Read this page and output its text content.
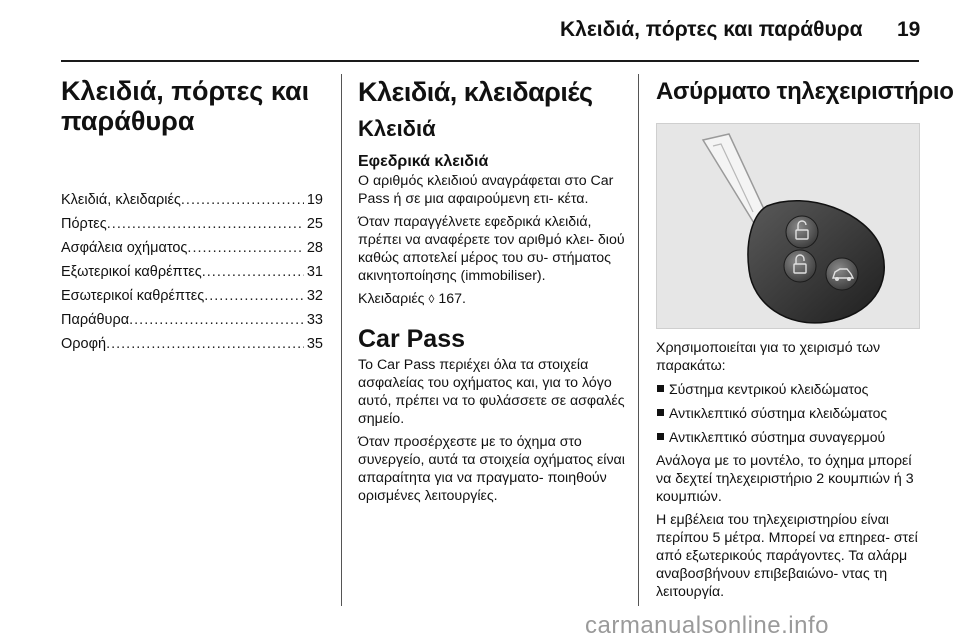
Κλειδιά, πόρτες και παράθυρα 19
Κλειδιά, πόρτες και
παράθυρα
Κλειδιά, κλειδαριές .....	19
Πόρτες .....	25
Ασφάλεια οχήματος .....	28
Εξωτερικοί καθρέπτες .....	31
Εσωτερικοί καθρέπτες .....	32
Παράθυρα .....	33
Οροφή .....	35
Κλειδιά, κλειδαριές
Κλειδιά
Εφεδρικά κλειδιά

Ο αριθμός κλειδιού αναγράφεται στο Car Pass ή σε μια αφαιρούμενη ετι- κέτα.

Όταν παραγγέλνετε εφεδρικά κλειδιά, πρέπει να αναφέρετε τον αριθμό κλει- διού καθώς αποτελεί μέρος του συ- στήματος ακινητοποίησης (immobiliser).

Κλειδαριές ◊ 167.

Car Pass

Το Car Pass περιέχει όλα τα στοιχεία ασφαλείας του οχήματος και, για το λόγο αυτό, πρέπει να το φυλάσσετε σε ασφαλές σημείο.

Όταν προσέρχεστε με το όχημα στο συνεργείο, αυτά τα στοιχεία οχήματος είναι απαραίτητα για να πραγματο- ποιηθούν ορισμένες λειτουργίες.

Ασύρματο τηλεχειριστήριο

Χρησιμοποιείται για το χειρισμό των παρακάτω:

Σύστημα κεντρικού κλειδώματος
Αντικλεπτικό σύστημα κλειδώματος
Αντικλεπτικό σύστημα συναγερμού

Ανάλογα με το μοντέλο, το όχημα μπορεί να δεχτεί τηλεχειριστήριο 2 κουμπιών ή 3 κουμπιών.

Η εμβέλεια του τηλεχειριστηρίου είναι περίπου 5 μέτρα. Μπορεί να επηρεα- στεί από εξωτερικούς παράγοντες. Τα αλάρμ αναβοσβήνουν επιβεβαιώνο- ντας τη λειτουργία.

carmanualsonline.info
